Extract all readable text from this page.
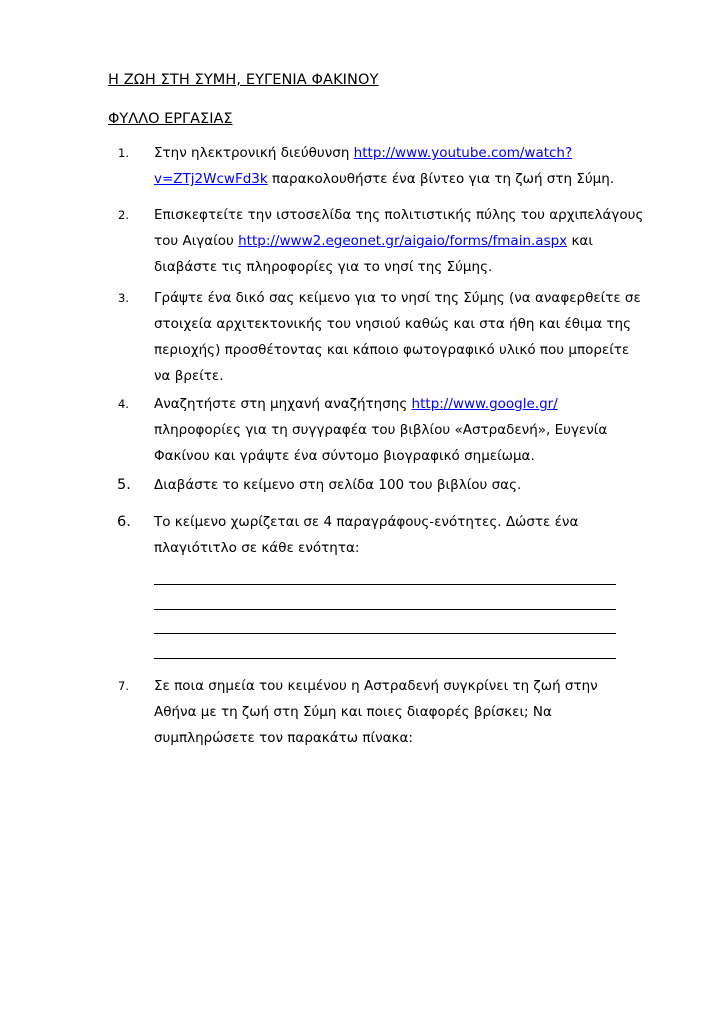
Η ΖΩΗ ΣΤΗ ΣΥΜΗ, ΕΥΓΕΝΙΑ ΦΑΚΙΝΟΥ
ΦΥΛΛΟ ΕΡΓΑΣΙΑΣ
1.	Στην ηλεκτρονική διεύθυνση http://www.youtube.com/watch?
v=ZTj2WcwFd3k παρακολουθήστε ένα βίντεο για τη ζωή στη Σύμη.
2.	Επισκεφτείτε την ιστοσελίδα της πολιτιστικής πύλης του αρχιπελάγους
του Αιγαίου http://www2.egeonet.gr/aigaio/forms/fmain.aspx και
διαβάστε τις πληροφορίες για το νησί της Σύμης.
3.	Γράψτε ένα δικό σας κείμενο για το νησί της Σύμης (να αναφερθείτε σε
στοιχεία αρχιτεκτονικής του νησιού καθώς και στα ήθη και έθιμα της
περιοχής) προσθέτοντας και κάποιο φωτογραφικό υλικό που μπορείτε
να βρείτε.
4.	Αναζητήστε στη μηχανή αναζήτησης http://www.google.gr/
πληροφορίες για τη συγγραφέα του βιβλίου «Αστραδενή», Ευγενία
Φακίνου και γράψτε ένα σύντομο βιογραφικό σημείωμα.
5.	Διαβάστε το κείμενο στη σελίδα 100 του βιβλίου σας.
6.	Το κείμενο χωρίζεται σε 4 παραγράφους-ενότητες. Δώστε ένα
πλαγιότιτλο σε κάθε ενότητα:
7.	Σε ποια σημεία του κειμένου η Αστραδενή συγκρίνει τη ζωή στην
Αθήνα με τη ζωή στη Σύμη και ποιες διαφορές βρίσκει; Να
συμπληρώσετε τον παρακάτω πίνακα:
